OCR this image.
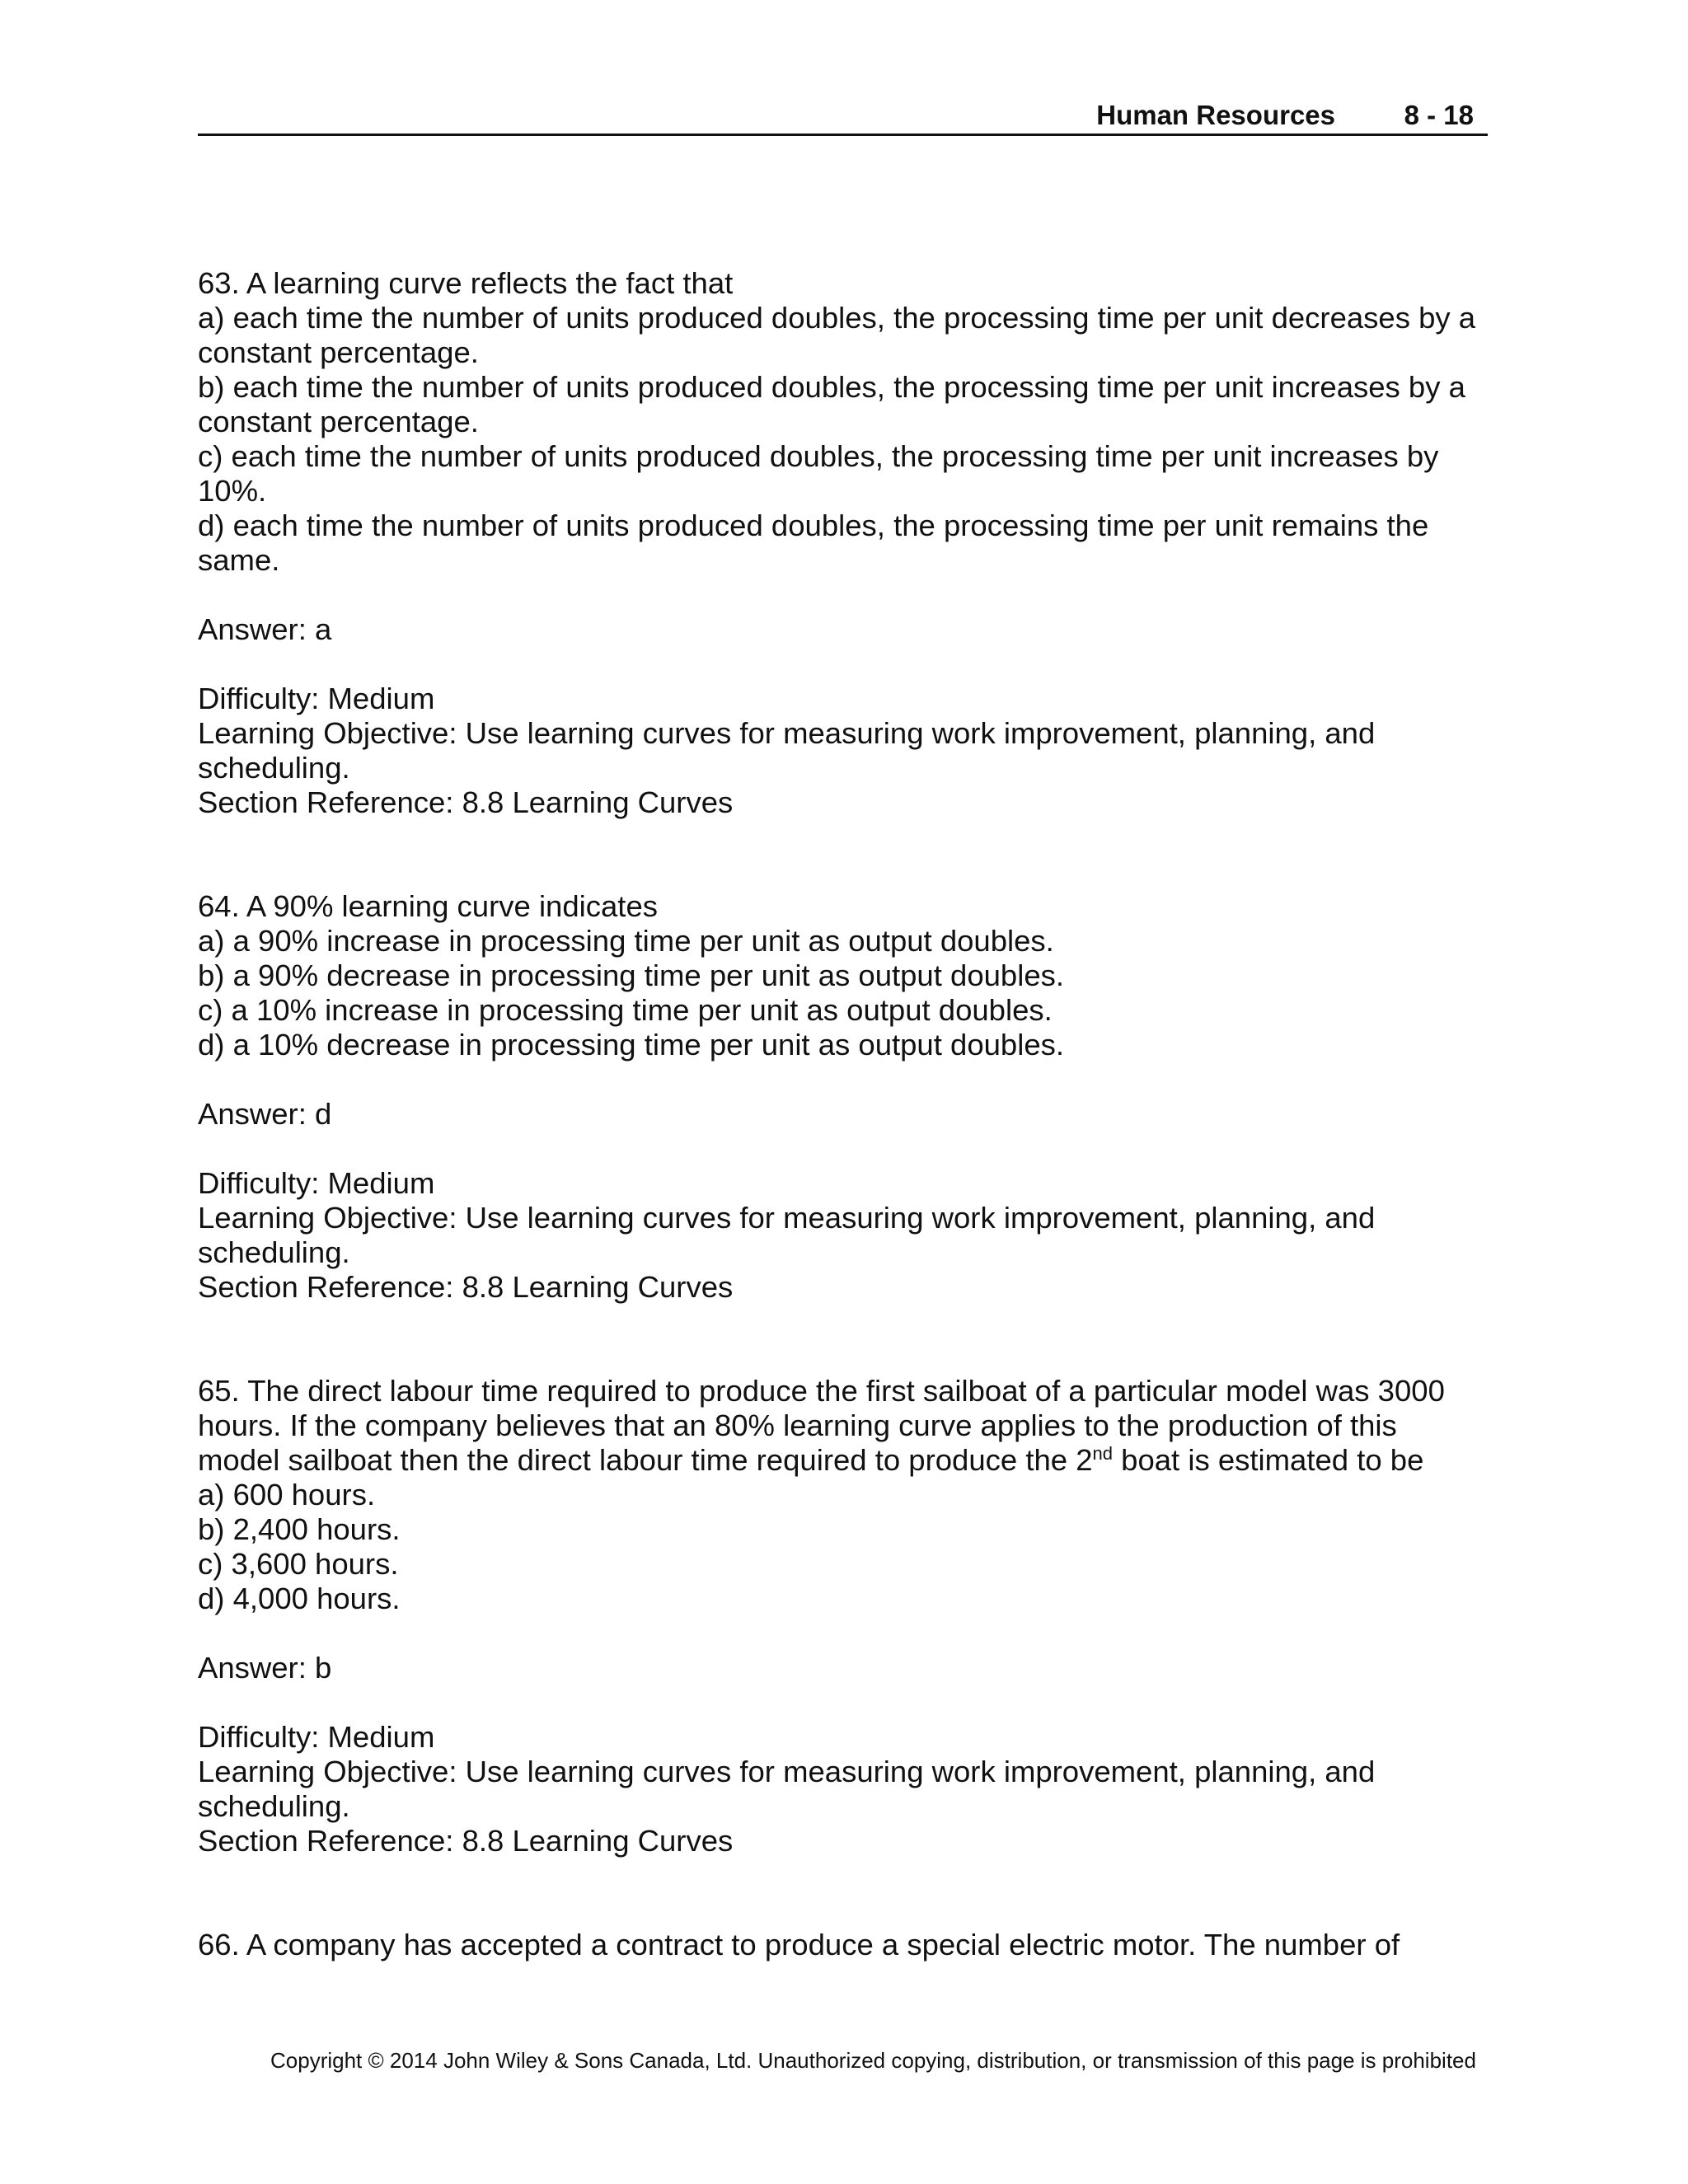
Human Resources	8 - 18
63. A learning curve reflects the fact that
a) each time the number of units produced doubles, the processing time per unit decreases by a
constant percentage.
b) each time the number of units produced doubles, the processing time per unit increases by a
constant percentage.
c) each time the number of units produced doubles, the processing time per unit increases by
10%.
d) each time the number of units produced doubles, the processing time per unit remains the
same.
Answer: a
Difficulty: Medium
Learning Objective: Use learning curves for measuring work improvement, planning, and
scheduling.
Section Reference: 8.8 Learning Curves
64. A 90% learning curve indicates
a) a 90% increase in processing time per unit as output doubles.
b) a 90% decrease in processing time per unit as output doubles.
c) a 10% increase in processing time per unit as output doubles.
d) a 10% decrease in processing time per unit as output doubles.
Answer: d
Difficulty: Medium
Learning Objective: Use learning curves for measuring work improvement, planning, and
scheduling.
Section Reference: 8.8 Learning Curves
65. The direct labour time required to produce the first sailboat of a particular model was 3000
hours. If the company believes that an 80% learning curve applies to the production of this
model sailboat then the direct labour time required to produce the 2nd boat is estimated to be
a) 600 hours.
b) 2,400 hours.
c) 3,600 hours.
d) 4,000 hours.
Answer: b
Difficulty: Medium
Learning Objective: Use learning curves for measuring work improvement, planning, and
scheduling.
Section Reference: 8.8 Learning Curves
66. A company has accepted a contract to produce a special electric motor. The number of
Copyright © 2014 John Wiley & Sons Canada, Ltd. Unauthorized copying, distribution, or transmission of this page is prohibited
